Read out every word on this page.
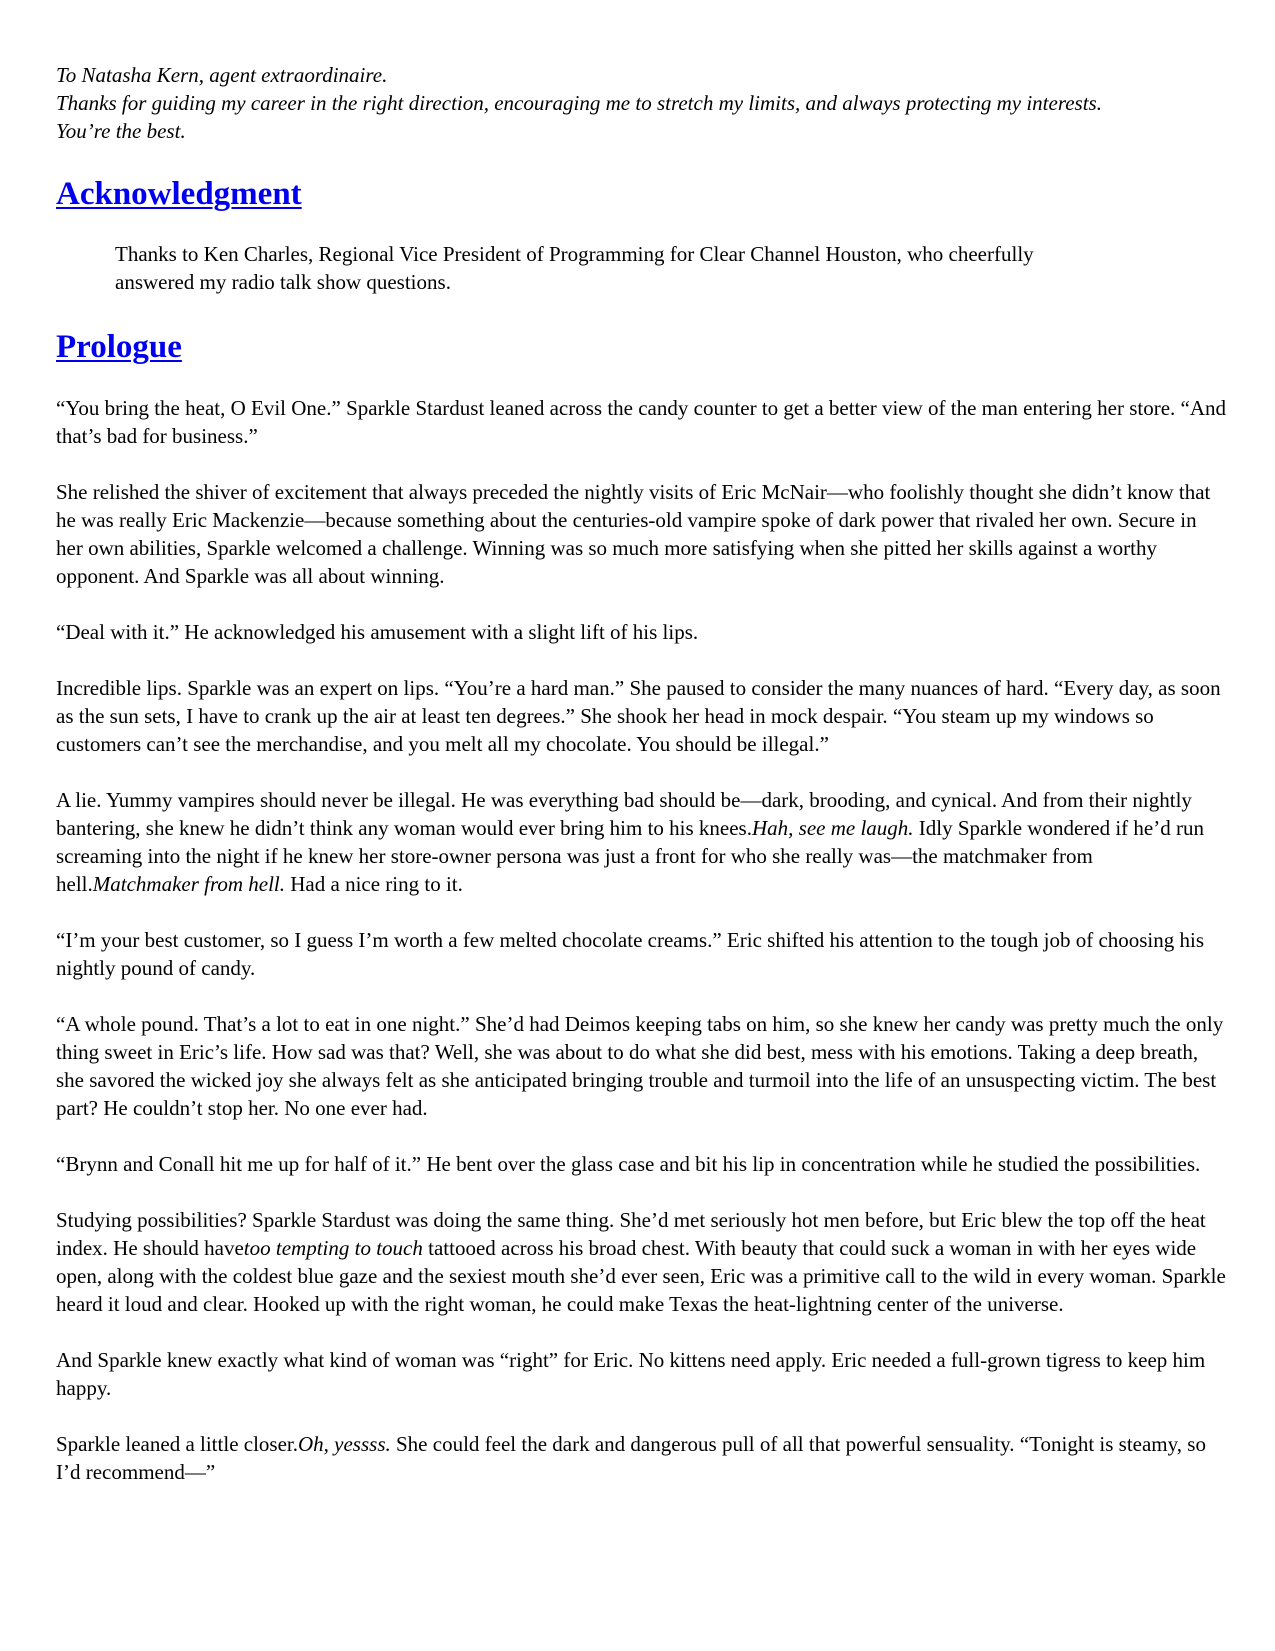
To Natasha Kern, agent extraordinaire.

Thanks for guiding my career in the right direction, encouraging me to stretch my limits, and always protecting my interests.

You’re the best.

Acknowledgment
Thanks to Ken Charles, Regional Vice President of Programming for Clear Channel Houston, who cheerfully answered my radio talk show questions.
Prologue

“You bring the heat, O Evil One.” Sparkle Stardust leaned across the candy counter to get a better view of the man entering her store. “And that’s bad for business.”

She relished the shiver of excitement that always preceded the nightly visits of Eric McNair—who foolishly thought she didn’t know that he was really Eric Mackenzie—because something about the centuries-old vampire spoke of dark power that rivaled her own. Secure in her own abilities, Sparkle welcomed a challenge. Winning was so much more satisfying when she pitted her skills against a worthy opponent. And Sparkle was all about winning.

“Deal with it.” He acknowledged his amusement with a slight lift of his lips.

Incredible lips. Sparkle was an expert on lips. “You’re a hard man.” She paused to consider the many nuances of hard. “Every day, as soon as the sun sets, I have to crank up the air at least ten degrees.” She shook her head in mock despair. “You steam up my windows so customers can’t see the merchandise, and you melt all my chocolate. You should be illegal.”

A lie. Yummy vampires should never be illegal. He was everything bad should be—dark, brooding, and cynical. And from their nightly bantering, she knew he didn’t think any woman would ever bring him to his knees.Hah, see me laugh. Idly Sparkle wondered if he’d run screaming into the night if he knew her store-owner persona was just a front for who she really was—the matchmaker from hell.Matchmaker from hell. Had a nice ring to it.

“I’m your best customer, so I guess I’m worth a few melted chocolate creams.” Eric shifted his attention to the tough job of choosing his nightly pound of candy.

“A whole pound. That’s a lot to eat in one night.” She’d had Deimos keeping tabs on him, so she knew her candy was pretty much the only thing sweet in Eric’s life. How sad was that? Well, she was about to do what she did best, mess with his emotions. Taking a deep breath, she savored the wicked joy she always felt as she anticipated bringing trouble and turmoil into the life of an unsuspecting victim. The best part? He couldn’t stop her. No one ever had.

“Brynn and Conall hit me up for half of it.” He bent over the glass case and bit his lip in concentration while he studied the possibilities.

Studying possibilities? Sparkle Stardust was doing the same thing. She’d met seriously hot men before, but Eric blew the top off the heat index. He should havetoo tempting to touch tattooed across his broad chest. With beauty that could suck a woman in with her eyes wide open, along with the coldest blue gaze and the sexiest mouth she’d ever seen, Eric was a primitive call to the wild in every woman. Sparkle heard it loud and clear. Hooked up with the right woman, he could make Texas the heat-lightning center of the universe.

And Sparkle knew exactly what kind of woman was “right” for Eric. No kittens need apply. Eric needed a full-grown tigress to keep him happy.

Sparkle leaned a little closer.Oh, yessss. She could feel the dark and dangerous pull of all that powerful sensuality. “Tonight is steamy, so I’d recommend—”
